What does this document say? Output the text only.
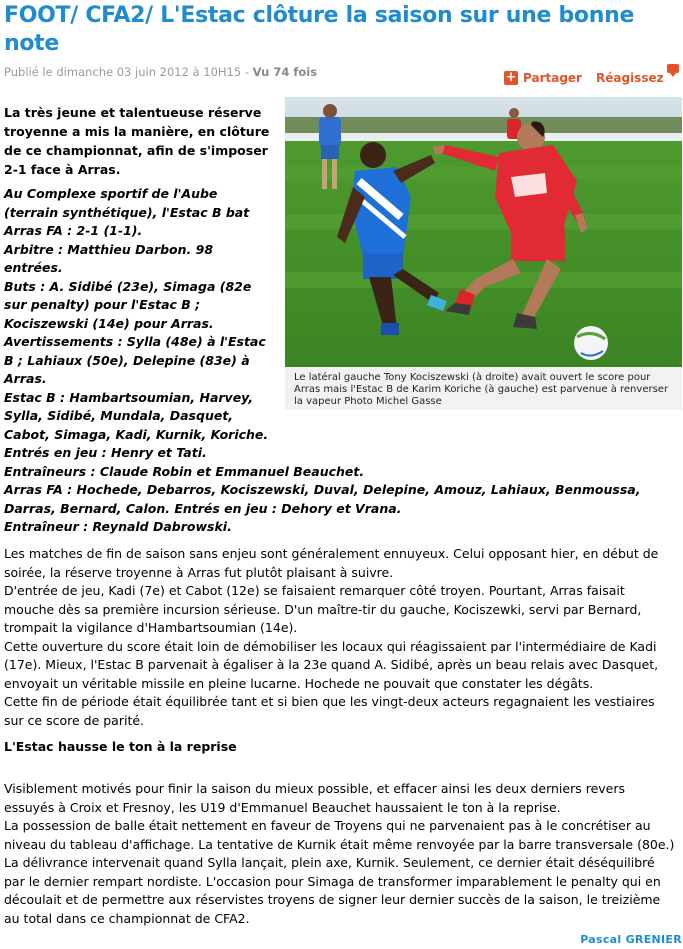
FOOT/ CFA2/ L'Estac clôture la saison sur une bonne note
Publié le dimanche 03 juin 2012 à 10H15 - Vu 74 fois	+ Partager Réagissez
Le latéral gauche Tony Kociszewski (à droite) avait ouvert le score pour Arras mais l'Estac B de Karim Koriche (à gauche) est parvenue à renverser la vapeur Photo Michel Gasse

La très jeune et talentueuse réserve troyenne a mis la manière, en clôture de ce championnat, afin de s'imposer 2-1 face à Arras.

Au Complexe sportif de l'Aube (terrain synthétique), l'Estac B bat Arras FA : 2-1 (1-1).

Arbitre : Matthieu Darbon. 98 entrées.

Buts : A. Sidibé (23e), Simaga (82e sur penalty) pour l'Estac B ; Kociszewski (14e) pour Arras.

Avertissements : Sylla (48e) à l'Estac B ; Lahiaux (50e), Delepine (83e) à Arras.

Estac B : Hambartsoumian, Harvey, Sylla, Sidibé, Mundala, Dasquet, Cabot, Simaga, Kadi, Kurnik, Koriche. Entrés en jeu : Henry et Tati.

Entraîneurs : Claude Robin et Emmanuel Beauchet.

Arras FA : Hochede, Debarros, Kociszewski, Duval, Delepine, Amouz, Lahiaux, Benmoussa, Darras, Bernard, Calon. Entrés en jeu : Dehory et Vrana.

Entraîneur : Reynald Dabrowski.

Les matches de fin de saison sans enjeu sont généralement ennuyeux. Celui opposant hier, en début de soirée, la réserve troyenne à Arras fut plutôt plaisant à suivre.

D'entrée de jeu, Kadi (7e) et Cabot (12e) se faisaient remarquer côté troyen. Pourtant, Arras faisait mouche dès sa première incursion sérieuse. D'un maître-tir du gauche, Kociszewki, servi par Bernard, trompait la vigilance d'Hambartsoumian (14e).

Cette ouverture du score était loin de démobiliser les locaux qui réagissaient par l'intermédiaire de Kadi (17e). Mieux, l'Estac B parvenait à égaliser à la 23e quand A. Sidibé, après un beau relais avec Dasquet, envoyait un véritable missile en pleine lucarne. Hochede ne pouvait que constater les dégâts.

Cette fin de période était équilibrée tant et si bien que les vingt-deux acteurs regagnaient les vestiaires sur ce score de parité.

L'Estac hausse le ton à la reprise

Visiblement motivés pour finir la saison du mieux possible, et effacer ainsi les deux derniers revers essuyés à Croix et Fresnoy, les U19 d'Emmanuel Beauchet haussaient le ton à la reprise.

La possession de balle était nettement en faveur de Troyens qui ne parvenaient pas à le concrétiser au niveau du tableau d'affichage. La tentative de Kurnik était même renvoyée par la barre transversale (80e.)

La délivrance intervenait quand Sylla lançait, plein axe, Kurnik. Seulement, ce dernier était déséquilibré par le dernier rempart nordiste. L'occasion pour Simaga de transformer imparablement le penalty qui en découlait et de permettre aux réservistes troyens de signer leur dernier succès de la saison, le treizième au total dans ce championnat de CFA2.

Pascal GRENIER
